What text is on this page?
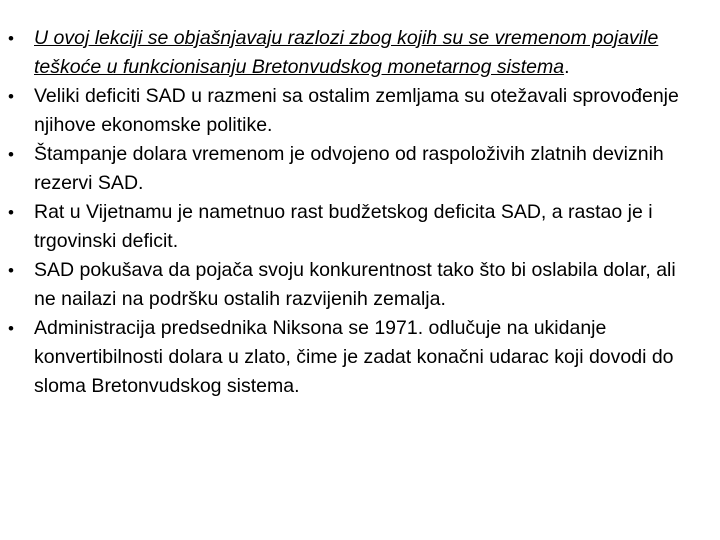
•	U ovoj lekciji se objašnjavaju razlozi zbog kojih su se vremenom pojavile teškoće u funkcionisanju Bretonvudskog monetarnog sistema.
•	Veliki deficiti SAD u razmeni sa ostalim zemljama su otežavali sprovođenje njihove ekonomske politike.
•	Štampanje dolara vremenom je odvojeno od raspoloživih zlatnih deviznih rezervi SAD.
•	Rat u Vijetnamu je nametnuo rast budžetskog deficita SAD, a rastao je i trgovinski deficit.
•	SAD pokušava da pojača svoju konkurentnost tako što bi oslabila dolar, ali ne nailazi na podršku ostalih razvijenih zemalja.
•	Administracija predsednika Niksona se 1971. odlučuje na ukidanje konvertibilnosti dolara u zlato, čime je zadat konačni udarac koji dovodi do sloma Bretonvudskog sistema.
